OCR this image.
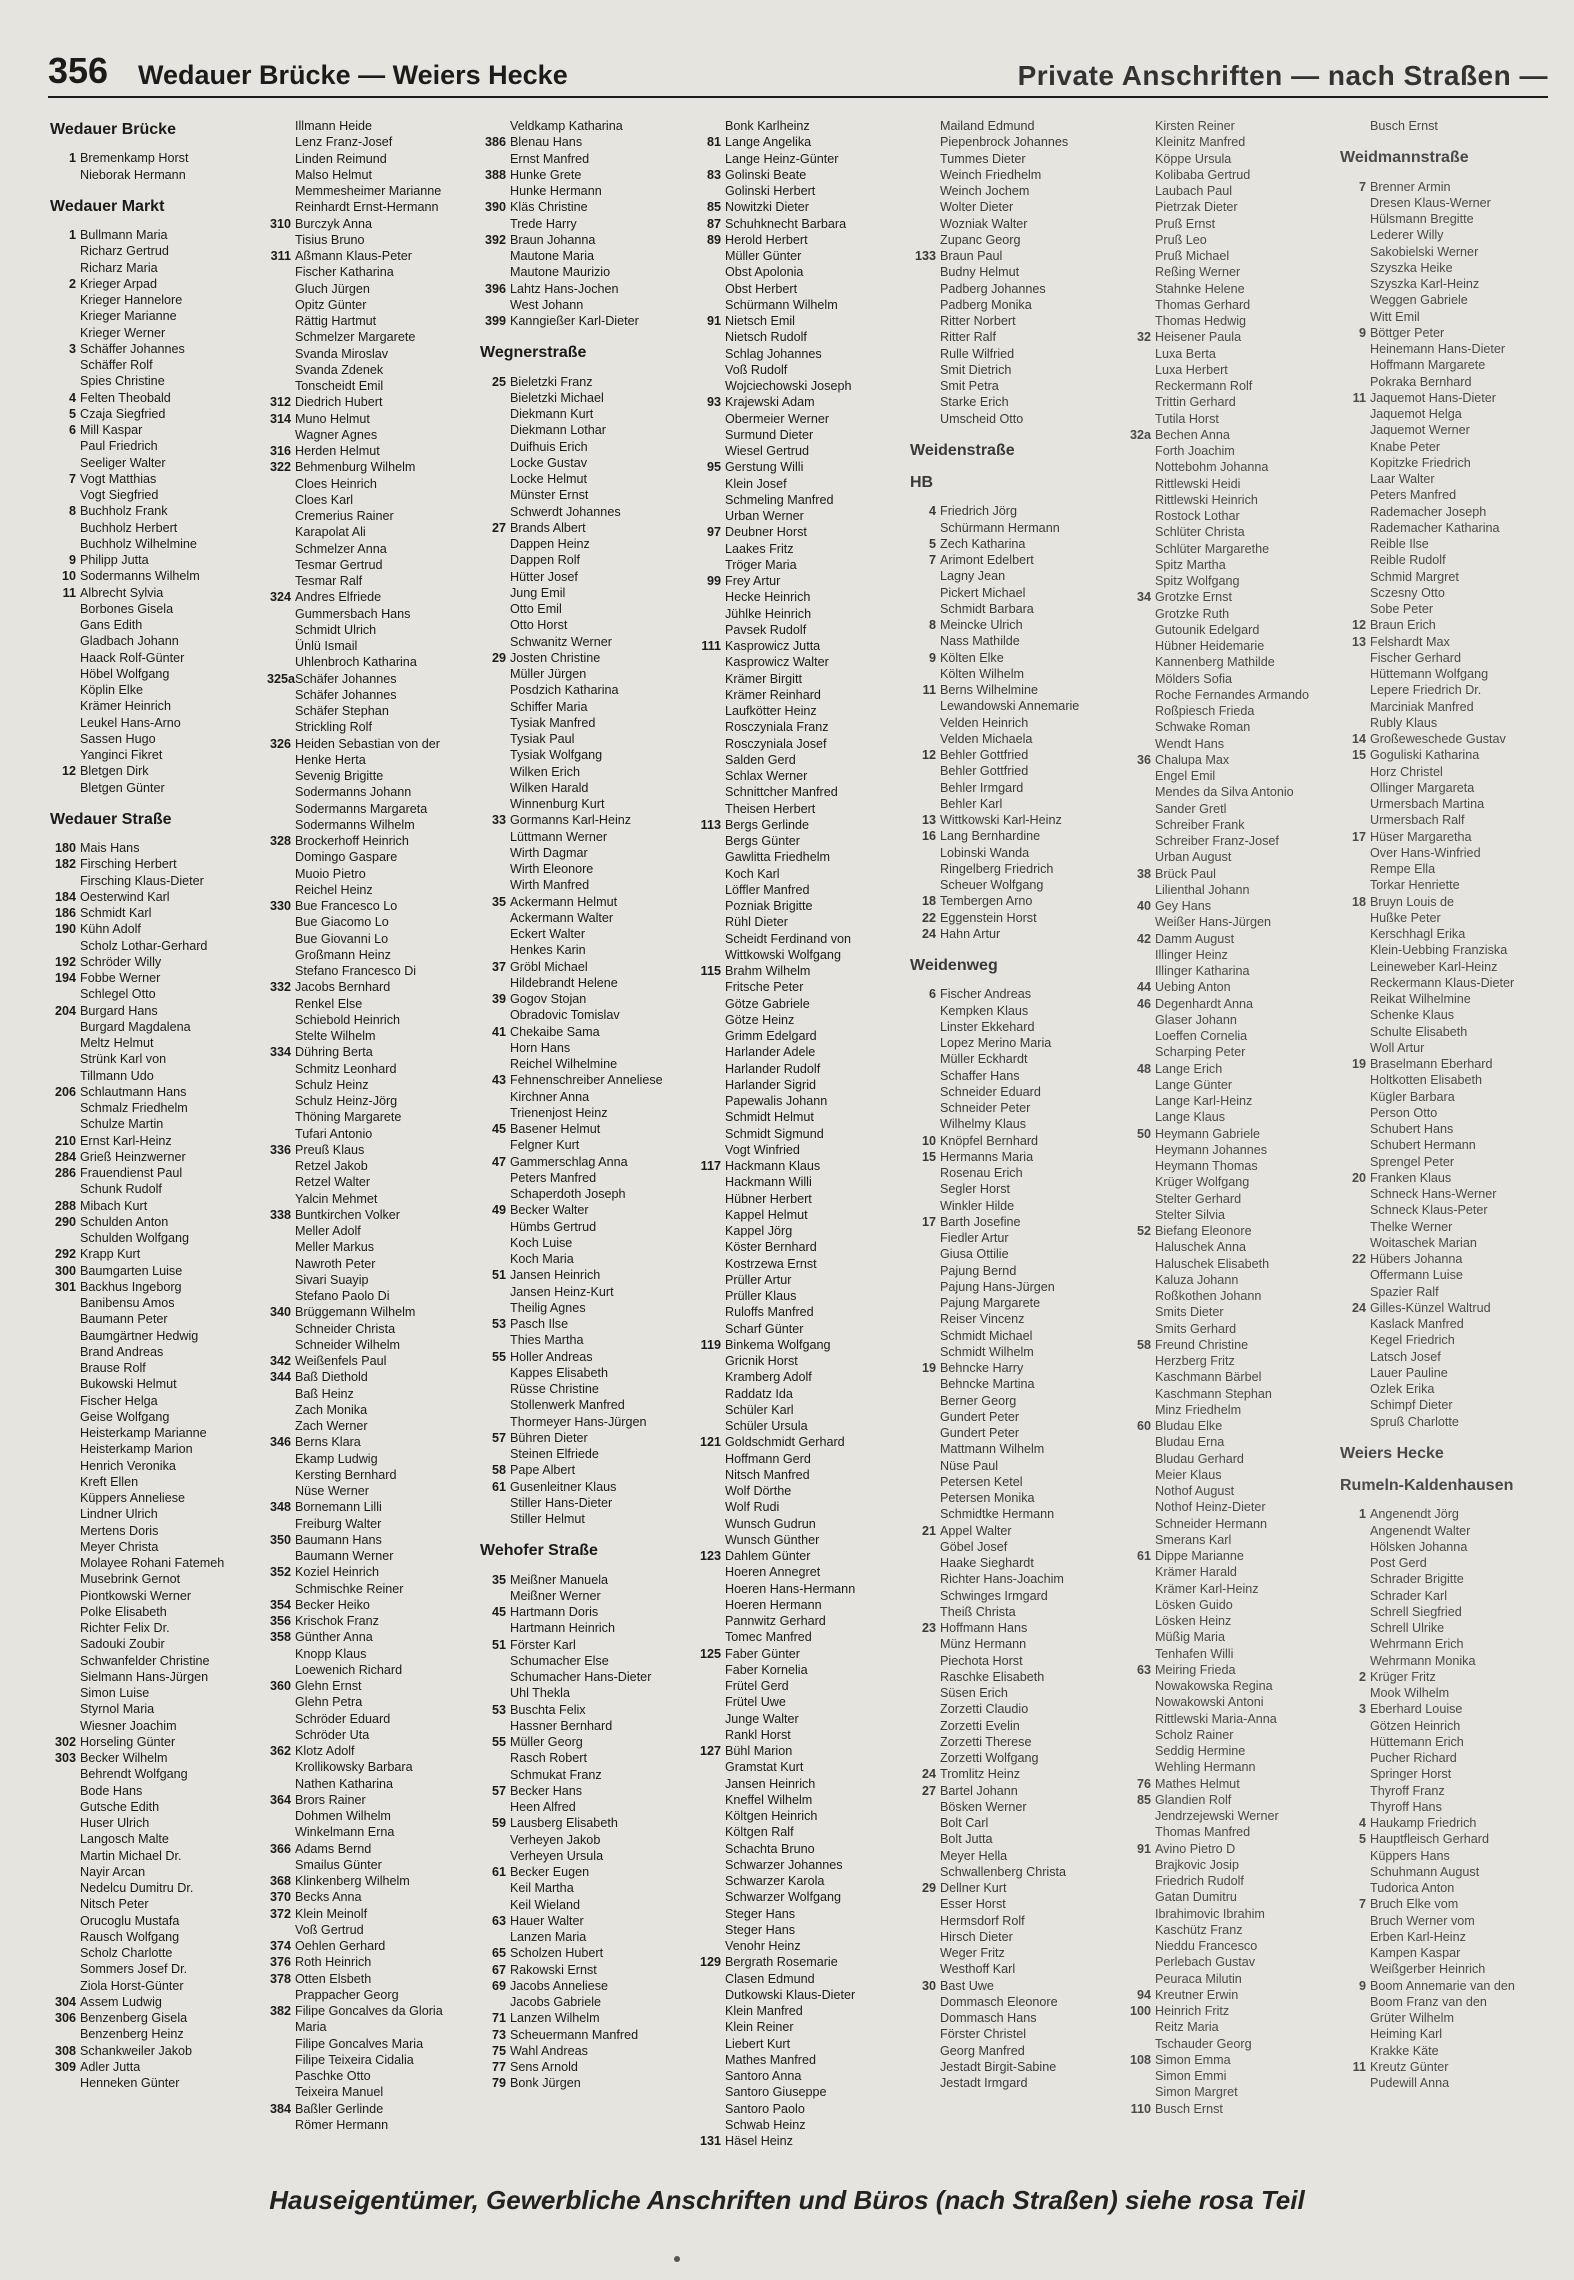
356 Wedauer Brücke — Weiers Hecke	Private Anschriften — nach Straßen —
Wedauer Brücke
1 Bremenkamp Horst
Nieborak Hermann
Wedauer Markt
1 Bullmann Maria
Richarz Gertrud
Richarz Maria
2 Krieger Arpad
Krieger Hannelore
Krieger Marianne
Krieger Werner
3 Schäffer Johannes
Schäffer Rolf
Spies Christine
4 Felten Theobald
5 Czaja Siegfried
6 Mill Kaspar
Paul Friedrich
Seeliger Walter
7 Vogt Matthias
Vogt Siegfried
8 Buchholz Frank
Buchholz Herbert
Buchholz Wilhelmine
9 Philipp Jutta
10 Sodermanns Wilhelm
11 Albrecht Sylvia
Borbones Gisela
Gans Edith
Gladbach Johann
Haack Rolf-Günter
Höbel Wolfgang
Köplin Elke
Krämer Heinrich
Leukel Hans-Arno
Sassen Hugo
Yanginci Fikret
12 Bletgen Dirk
Bletgen Günter
Wedauer Straße
180 Mais Hans
182 Firsching Herbert
Firsching Klaus-Dieter
184 Oesterwind Karl
186 Schmidt Karl
190 Kühn Adolf
Scholz Lothar-Gerhard
192 Schröder Willy
194 Fobbe Werner
Schlegel Otto
204 Burgard Hans
Burgard Magdalena
Meltz Helmut
Strünk Karl von
Tillmann Udo
206 Schlautmann Hans
Schmalz Friedhelm
Schulze Martin
210 Ernst Karl-Heinz
284 Grieß Heinzwerner
286 Frauendienst Paul
Schunk Rudolf
288 Mibach Kurt
290 Schulden Anton
Schulden Wolfgang
292 Krapp Kurt
300 Baumgarten Luise
301 Backhus Ingeborg
Banibensu Amos
Baumann Peter
Baumgärtner Hedwig
Brand Andreas
Brause Rolf
Bukowski Helmut
Fischer Helga
Geise Wolfgang
Heisterkamp Marianne
Heisterkamp Marion
Henrich Veronika
Kreft Ellen
Küppers Anneliese
Lindner Ulrich
Mertens Doris
Meyer Christa
Molayee Rohani Fatemeh
Musebrink Gernot
Piontkowski Werner
Polke Elisabeth
Richter Felix Dr.
Sadouki Zoubir
Schwanfelder Christine
Sielmann Hans-Jürgen
Simon Luise
Styrnol Maria
Wiesner Joachim
302 Horseling Günter
303 Becker Wilhelm
Behrendt Wolfgang
Bode Hans
Gutsche Edith
Huser Ulrich
Langosch Malte
Martin Michael Dr.
Nayir Arcan
Nedelcu Dumitru Dr.
Nitsch Peter
Orucoglu Mustafa
Rausch Wolfgang
Scholz Charlotte
Sommers Josef Dr.
Ziola Horst-Günter
304 Assem Ludwig
306 Benzenberg Gisela
Benzenberg Heinz
308 Schankweiler Jakob
309 Adler Jutta
Henneken Günter
Illmann Heide
Lenz Franz-Josef
Linden Reimund
Malso Helmut
Memmesheimer Marianne
Reinhardt Ernst-Hermann
310 Burczyk Anna
Tisius Bruno
311 Aßmann Klaus-Peter
Fischer Katharina
Gluch Jürgen
Opitz Günter
Rättig Hartmut
Schmelzer Margarete
Svanda Miroslav
Svanda Zdenek
Tonscheidt Emil
312 Diedrich Hubert
314 Muno Helmut
Wagner Agnes
316 Herden Helmut
322 Behmenburg Wilhelm
Cloes Heinrich
Cloes Karl
Cremerius Rainer
Karapolat Ali
Schmelzer Anna
Tesmar Gertrud
Tesmar Ralf
324 Andres Elfriede
Gummersbach Hans
Schmidt Ulrich
Ünlü Ismail
Uhlenbroch Katharina
325aSchäfer Johannes
Schäfer Johannes
Schäfer Stephan
Strickling Rolf
326 Heiden Sebastian von der
Henke Herta
Sevenig Brigitte
Sodermanns Johann
Sodermanns Margareta
Sodermanns Wilhelm
328 Brockerhoff Heinrich
Domingo Gaspare
Muoio Pietro
Reichel Heinz
330 Bue Francesco Lo
Bue Giacomo Lo
Bue Giovanni Lo
Großmann Heinz
Stefano Francesco Di
332 Jacobs Bernhard
Renkel Else
Schiebold Heinrich
Stelte Wilhelm
334 Dühring Berta
Schmitz Leonhard
Schulz Heinz
Schulz Heinz-Jörg
Thöning Margarete
Tufari Antonio
336 Preuß Klaus
Retzel Jakob
Retzel Walter
Yalcin Mehmet
338 Buntkirchen Volker
Meller Adolf
Meller Markus
Nawroth Peter
Sivari Suayip
Stefano Paolo Di
340 Brüggemann Wilhelm
Schneider Christa
Schneider Wilhelm
342 Weißenfels Paul
344 Baß Diethold
Baß Heinz
Zach Monika
Zach Werner
346 Berns Klara
Ekamp Ludwig
Kersting Bernhard
Nüse Werner
348 Bornemann Lilli
Freiburg Walter
350 Baumann Hans
Baumann Werner
352 Koziel Heinrich
Schmischke Reiner
354 Becker Heiko
356 Krischok Franz
358 Günther Anna
Knopp Klaus
Loewenich Richard
360 Glehn Ernst
Glehn Petra
Schröder Eduard
Schröder Uta
362 Klotz Adolf
Krollikowsky Barbara
Nathen Katharina
364 Brors Rainer
Dohmen Wilhelm
Winkelmann Erna
366 Adams Bernd
Smailus Günter
368 Klinkenberg Wilhelm
370 Becks Anna
372 Klein Meinolf
Voß Gertrud
374 Oehlen Gerhard
376 Roth Heinrich
378 Otten Elsbeth
Prappacher Georg
382 Filipe Goncalves da Gloria
Maria
Filipe Goncalves Maria
Filipe Teixeira Cidalia
Paschke Otto
Teixeira Manuel
384 Baßler Gerlinde
Römer Hermann
Veldkamp Katharina
386 Blenau Hans
Ernst Manfred
388 Hunke Grete
Hunke Hermann
390 Kläs Christine
Trede Harry
392 Braun Johanna
Mautone Maria
Mautone Maurizio
396 Lahtz Hans-Jochen
West Johann
399 Kanngießer Karl-Dieter
Wegnerstraße
25 Bieletzki Franz
Bieletzki Michael
Diekmann Kurt
Diekmann Lothar
Duifhuis Erich
Locke Gustav
Locke Helmut
Münster Ernst
Schwerdt Johannes
27 Brands Albert
Dappen Heinz
Dappen Rolf
Hütter Josef
Jung Emil
Otto Emil
Otto Horst
Schwanitz Werner
29 Josten Christine
Müller Jürgen
Posdzich Katharina
Schiffer Maria
Tysiak Manfred
Tysiak Paul
Tysiak Wolfgang
Wilken Erich
Wilken Harald
Winnenburg Kurt
33 Gormanns Karl-Heinz
Lüttmann Werner
Wirth Dagmar
Wirth Eleonore
Wirth Manfred
35 Ackermann Helmut
Ackermann Walter
Eckert Walter
Henkes Karin
37 Gröbl Michael
Hildebrandt Helene
39 Gogov Stojan
Obradovic Tomislav
41 Chekaibe Sama
Horn Hans
Reichel Wilhelmine
43 Fehnenschreiber Anneliese
Kirchner Anna
Trienenjost Heinz
45 Basener Helmut
Felgner Kurt
47 Gammerschlag Anna
Peters Manfred
Schaperdoth Joseph
49 Becker Walter
Hümbs Gertrud
Koch Luise
Koch Maria
51 Jansen Heinrich
Jansen Heinz-Kurt
Theilig Agnes
53 Pasch Ilse
Thies Martha
55 Holler Andreas
Kappes Elisabeth
Rüsse Christine
Stollenwerk Manfred
Thormeyer Hans-Jürgen
57 Bühren Dieter
Steinen Elfriede
58 Pape Albert
61 Gusenleitner Klaus
Stiller Hans-Dieter
Stiller Helmut
Wehofer Straße
35 Meißner Manuela
Meißner Werner
45 Hartmann Doris
Hartmann Heinrich
51 Förster Karl
Schumacher Else
Schumacher Hans-Dieter
Uhl Thekla
53 Buschta Felix
Hassner Bernhard
55 Müller Georg
Rasch Robert
Schmukat Franz
57 Becker Hans
Heen Alfred
59 Lausberg Elisabeth
Verheyen Jakob
Verheyen Ursula
61 Becker Eugen
Keil Martha
Keil Wieland
63 Hauer Walter
Lanzen Maria
65 Scholzen Hubert
67 Rakowski Ernst
69 Jacobs Anneliese
Jacobs Gabriele
71 Lanzen Wilhelm
73 Scheuermann Manfred
75 Wahl Andreas
77 Sens Arnold
79 Bonk Jürgen
Bonk Karlheinz
81 Lange Angelika
Lange Heinz-Günter
83 Golinski Beate
Golinski Herbert
85 Nowitzki Dieter
87 Schuhknecht Barbara
89 Herold Herbert
Müller Günter
Obst Apolonia
Obst Herbert
Schürmann Wilhelm
91 Nietsch Emil
Nietsch Rudolf
Schlag Johannes
Voß Rudolf
Wojciechowski Joseph
93 Krajewski Adam
Obermeier Werner
Surmund Dieter
Wiesel Gertrud
95 Gerstung Willi
Klein Josef
Schmeling Manfred
Urban Werner
97 Deubner Horst
Laakes Fritz
Tröger Maria
99 Frey Artur
Hecke Heinrich
Jühlke Heinrich
Pavsek Rudolf
111 Kasprowicz Jutta
Kasprowicz Walter
Krämer Birgitt
Krämer Reinhard
Laufkötter Heinz
Rosczyniala Franz
Rosczyniala Josef
Salden Gerd
Schlax Werner
Schnittcher Manfred
Theisen Herbert
113 Bergs Gerlinde
Bergs Günter
Gawlitta Friedhelm
Koch Karl
Löffler Manfred
Pozniak Brigitte
Rühl Dieter
Scheidt Ferdinand von
Wittkowski Wolfgang
115 Brahm Wilhelm
Fritsche Peter
Götze Gabriele
Götze Heinz
Grimm Edelgard
Harlander Adele
Harlander Rudolf
Harlander Sigrid
Papewalis Johann
Schmidt Helmut
Schmidt Sigmund
Vogt Winfried
117 Hackmann Klaus
Hackmann Willi
Hübner Herbert
Kappel Helmut
Kappel Jörg
Köster Bernhard
Kostrzewa Ernst
Prüller Artur
Prüller Klaus
Ruloffs Manfred
Scharf Günter
119 Binkema Wolfgang
Gricnik Horst
Kramberg Adolf
Raddatz Ida
Schüler Karl
Schüler Ursula
121 Goldschmidt Gerhard
Hoffmann Gerd
Nitsch Manfred
Wolf Dörthe
Wolf Rudi
Wunsch Gudrun
Wunsch Günther
123 Dahlem Günter
Hoeren Annegret
Hoeren Hans-Hermann
Hoeren Hermann
Pannwitz Gerhard
Tomec Manfred
125 Faber Günter
Faber Kornelia
Frütel Gerd
Frütel Uwe
Junge Walter
Rankl Horst
127 Bühl Marion
Gramstat Kurt
Jansen Heinrich
Kneffel Wilhelm
Költgen Heinrich
Költgen Ralf
Schachta Bruno
Schwarzer Johannes
Schwarzer Karola
Schwarzer Wolfgang
Steger Hans
Steger Hans
Venohr Heinz
129 Bergrath Rosemarie
Clasen Edmund
Dutkowski Klaus-Dieter
Klein Manfred
Klein Reiner
Liebert Kurt
Mathes Manfred
Santoro Anna
Santoro Giuseppe
Santoro Paolo
Schwab Heinz
131 Häsel Heinz
Mailand Edmund
Piepenbrock Johannes
Tummes Dieter
Weinch Friedhelm
Weinch Jochem
Wolter Dieter
Wozniak Walter
Zupanc Georg
133 Braun Paul
Budny Helmut
Padberg Johannes
Padberg Monika
Ritter Norbert
Ritter Ralf
Rulle Wilfried
Smit Dietrich
Smit Petra
Starke Erich
Umscheid Otto
Weidenstraße
HB
4 Friedrich Jörg
Schürmann Hermann
5 Zech Katharina
7 Arimont Edelbert
Lagny Jean
Pickert Michael
Schmidt Barbara
8 Meincke Ulrich
Nass Mathilde
9 Költen Elke
Költen Wilhelm
11 Berns Wilhelmine
Lewandowski Annemarie
Velden Heinrich
Velden Michaela
12 Behler Gottfried
Behler Gottfried
Behler Irmgard
Behler Karl
13 Wittkowski Karl-Heinz
16 Lang Bernhardine
Lobinski Wanda
Ringelberg Friedrich
Scheuer Wolfgang
18 Tembergen Arno
22 Eggenstein Horst
24 Hahn Artur
Weidenweg
6 Fischer Andreas
Kempken Klaus
Linster Ekkehard
Lopez Merino Maria
Müller Eckhardt
Schaffer Hans
Schneider Eduard
Schneider Peter
Wilhelmy Klaus
10 Knöpfel Bernhard
15 Hermanns Maria
Rosenau Erich
Segler Horst
Winkler Hilde
17 Barth Josefine
Fiedler Artur
Giusa Ottilie
Pajung Bernd
Pajung Hans-Jürgen
Pajung Margarete
Reiser Vincenz
Schmidt Michael
Schmidt Wilhelm
19 Behncke Harry
Behncke Martina
Berner Georg
Gundert Peter
Gundert Peter
Mattmann Wilhelm
Nüse Paul
Petersen Ketel
Petersen Monika
Schmidtke Hermann
21 Appel Walter
Göbel Josef
Haake Sieghardt
Richter Hans-Joachim
Schwinges Irmgard
Theiß Christa
23 Hoffmann Hans
Münz Hermann
Piechota Horst
Raschke Elisabeth
Süsen Erich
Zorzetti Claudio
Zorzetti Evelin
Zorzetti Therese
Zorzetti Wolfgang
24 Tromlitz Heinz
27 Bartel Johann
Bösken Werner
Bolt Carl
Bolt Jutta
Meyer Hella
Schwallenberg Christa
29 Dellner Kurt
Esser Horst
Hermsdorf Rolf
Hirsch Dieter
Weger Fritz
Westhoff Karl
30 Bast Uwe
Dommasch Eleonore
Dommasch Hans
Förster Christel
Georg Manfred
Jestadt Birgit-Sabine
Jestadt Irmgard
Kirsten Reiner
Kleinitz Manfred
Köppe Ursula
Kolibaba Gertrud
Laubach Paul
Pietrzak Dieter
Pruß Ernst
Pruß Leo
Pruß Michael
Reßing Werner
Stahnke Helene
Thomas Gerhard
Thomas Hedwig
32 Heisener Paula
Luxa Berta
Luxa Herbert
Reckermann Rolf
Trittin Gerhard
Tutila Horst
32a Bechen Anna
Forth Joachim
Nottebohm Johanna
Rittlewski Heidi
Rittlewski Heinrich
Rostock Lothar
Schlüter Christa
Schlüter Margarethe
Spitz Martha
Spitz Wolfgang
34 Grotzke Ernst
Grotzke Ruth
Gutounik Edelgard
Hübner Heidemarie
Kannenberg Mathilde
Mölders Sofia
Roche Fernandes Armando
Roßpiesch Frieda
Schwake Roman
Wendt Hans
36 Chalupa Max
Engel Emil
Mendes da Silva Antonio
Sander Gretl
Schreiber Frank
Schreiber Franz-Josef
Urban August
38 Brück Paul
Lilienthal Johann
40 Gey Hans
Weißer Hans-Jürgen
42 Damm August
Illinger Heinz
Illinger Katharina
44 Uebing Anton
46 Degenhardt Anna
Glaser Johann
Loeffen Cornelia
Scharping Peter
48 Lange Erich
Lange Günter
Lange Karl-Heinz
Lange Klaus
50 Heymann Gabriele
Heymann Johannes
Heymann Thomas
Krüger Wolfgang
Stelter Gerhard
Stelter Silvia
52 Biefang Eleonore
Haluschek Anna
Haluschek Elisabeth
Kaluza Johann
Roßkothen Johann
Smits Dieter
Smits Gerhard
58 Freund Christine
Herzberg Fritz
Kaschmann Bärbel
Kaschmann Stephan
Minz Friedhelm
60 Bludau Elke
Bludau Erna
Bludau Gerhard
Meier Klaus
Nothof August
Nothof Heinz-Dieter
Schneider Hermann
Smerans Karl
61 Dippe Marianne
Krämer Harald
Krämer Karl-Heinz
Lösken Guido
Lösken Heinz
Müßig Maria
Tenhafen Willi
63 Meiring Frieda
Nowakowska Regina
Nowakowski Antoni
Rittlewski Maria-Anna
Scholz Rainer
Seddig Hermine
Wehling Hermann
76 Mathes Helmut
85 Glandien Rolf
Jendrzejewski Werner
Thomas Manfred
91 Avino Pietro D
Brajkovic Josip
Friedrich Rudolf
Gatan Dumitru
Ibrahimovic Ibrahim
Kaschütz Franz
Nieddu Francesco
Perlebach Gustav
Peuraca Milutin
94 Kreutner Erwin
100 Heinrich Fritz
Reitz Maria
Tschauder Georg
108 Simon Emma
Simon Emmi
Simon Margret
110 Busch Ernst
Busch Ernst
Weidmannstraße
7 Brenner Armin
Dresen Klaus-Werner
Hülsmann Bregitte
Lederer Willy
Sakobielski Werner
Szyszka Heike
Szyszka Karl-Heinz
Weggen Gabriele
Witt Emil
9 Böttger Peter
Heinemann Hans-Dieter
Hoffmann Margarete
Pokraka Bernhard
11 Jaquemot Hans-Dieter
Jaquemot Helga
Jaquemot Werner
Knabe Peter
Kopitzke Friedrich
Laar Walter
Peters Manfred
Rademacher Joseph
Rademacher Katharina
Reible Ilse
Reible Rudolf
Schmid Margret
Sczesny Otto
Sobe Peter
12 Braun Erich
13 Felshardt Max
Fischer Gerhard
Hüttemann Wolfgang
Lepere Friedrich Dr.
Marciniak Manfred
Rubly Klaus
14 Großeweschede Gustav
15 Goguliski Katharina
Horz Christel
Ollinger Margareta
Urmersbach Martina
Urmersbach Ralf
17 Hüser Margaretha
Over Hans-Winfried
Rempe Ella
Torkar Henriette
18 Bruyn Louis de
Hußke Peter
Kerschhagl Erika
Klein-Uebbing Franziska
Leineweber Karl-Heinz
Reckermann Klaus-Dieter
Reikat Wilhelmine
Schenke Klaus
Schulte Elisabeth
Woll Artur
19 Braselmann Eberhard
Holtkotten Elisabeth
Kügler Barbara
Person Otto
Schubert Hans
Schubert Hermann
Sprengel Peter
20 Franken Klaus
Schneck Hans-Werner
Schneck Klaus-Peter
Thelke Werner
Woitaschek Marian
22 Hübers Johanna
Offermann Luise
Spazier Ralf
24 Gilles-Künzel Waltrud
Kaslack Manfred
Kegel Friedrich
Latsch Josef
Lauer Pauline
Ozlek Erika
Schimpf Dieter
Spruß Charlotte
Weiers Hecke
Rumeln-Kaldenhausen
1 Angenendt Jörg
Angenendt Walter
Hölsken Johanna
Post Gerd
Schrader Brigitte
Schrader Karl
Schrell Siegfried
Schrell Ulrike
Wehrmann Erich
Wehrmann Monika
2 Krüger Fritz
Mook Wilhelm
3 Eberhard Louise
Götzen Heinrich
Hüttemann Erich
Pucher Richard
Springer Horst
Thyroff Franz
Thyroff Hans
4 Haukamp Friedrich
5 Hauptfleisch Gerhard
Küppers Hans
Schuhmann August
Tudorica Anton
7 Bruch Elke vom
Bruch Werner vom
Erben Karl-Heinz
Kampen Kaspar
Weißgerber Heinrich
9 Boom Annemarie van den
Boom Franz van den
Grüter Wilhelm
Heiming Karl
Krakke Käte
11 Kreutz Günter
Pudewill Anna
Hauseigentümer, Gewerbliche Anschriften und Büros (nach Straßen) siehe rosa Teil
